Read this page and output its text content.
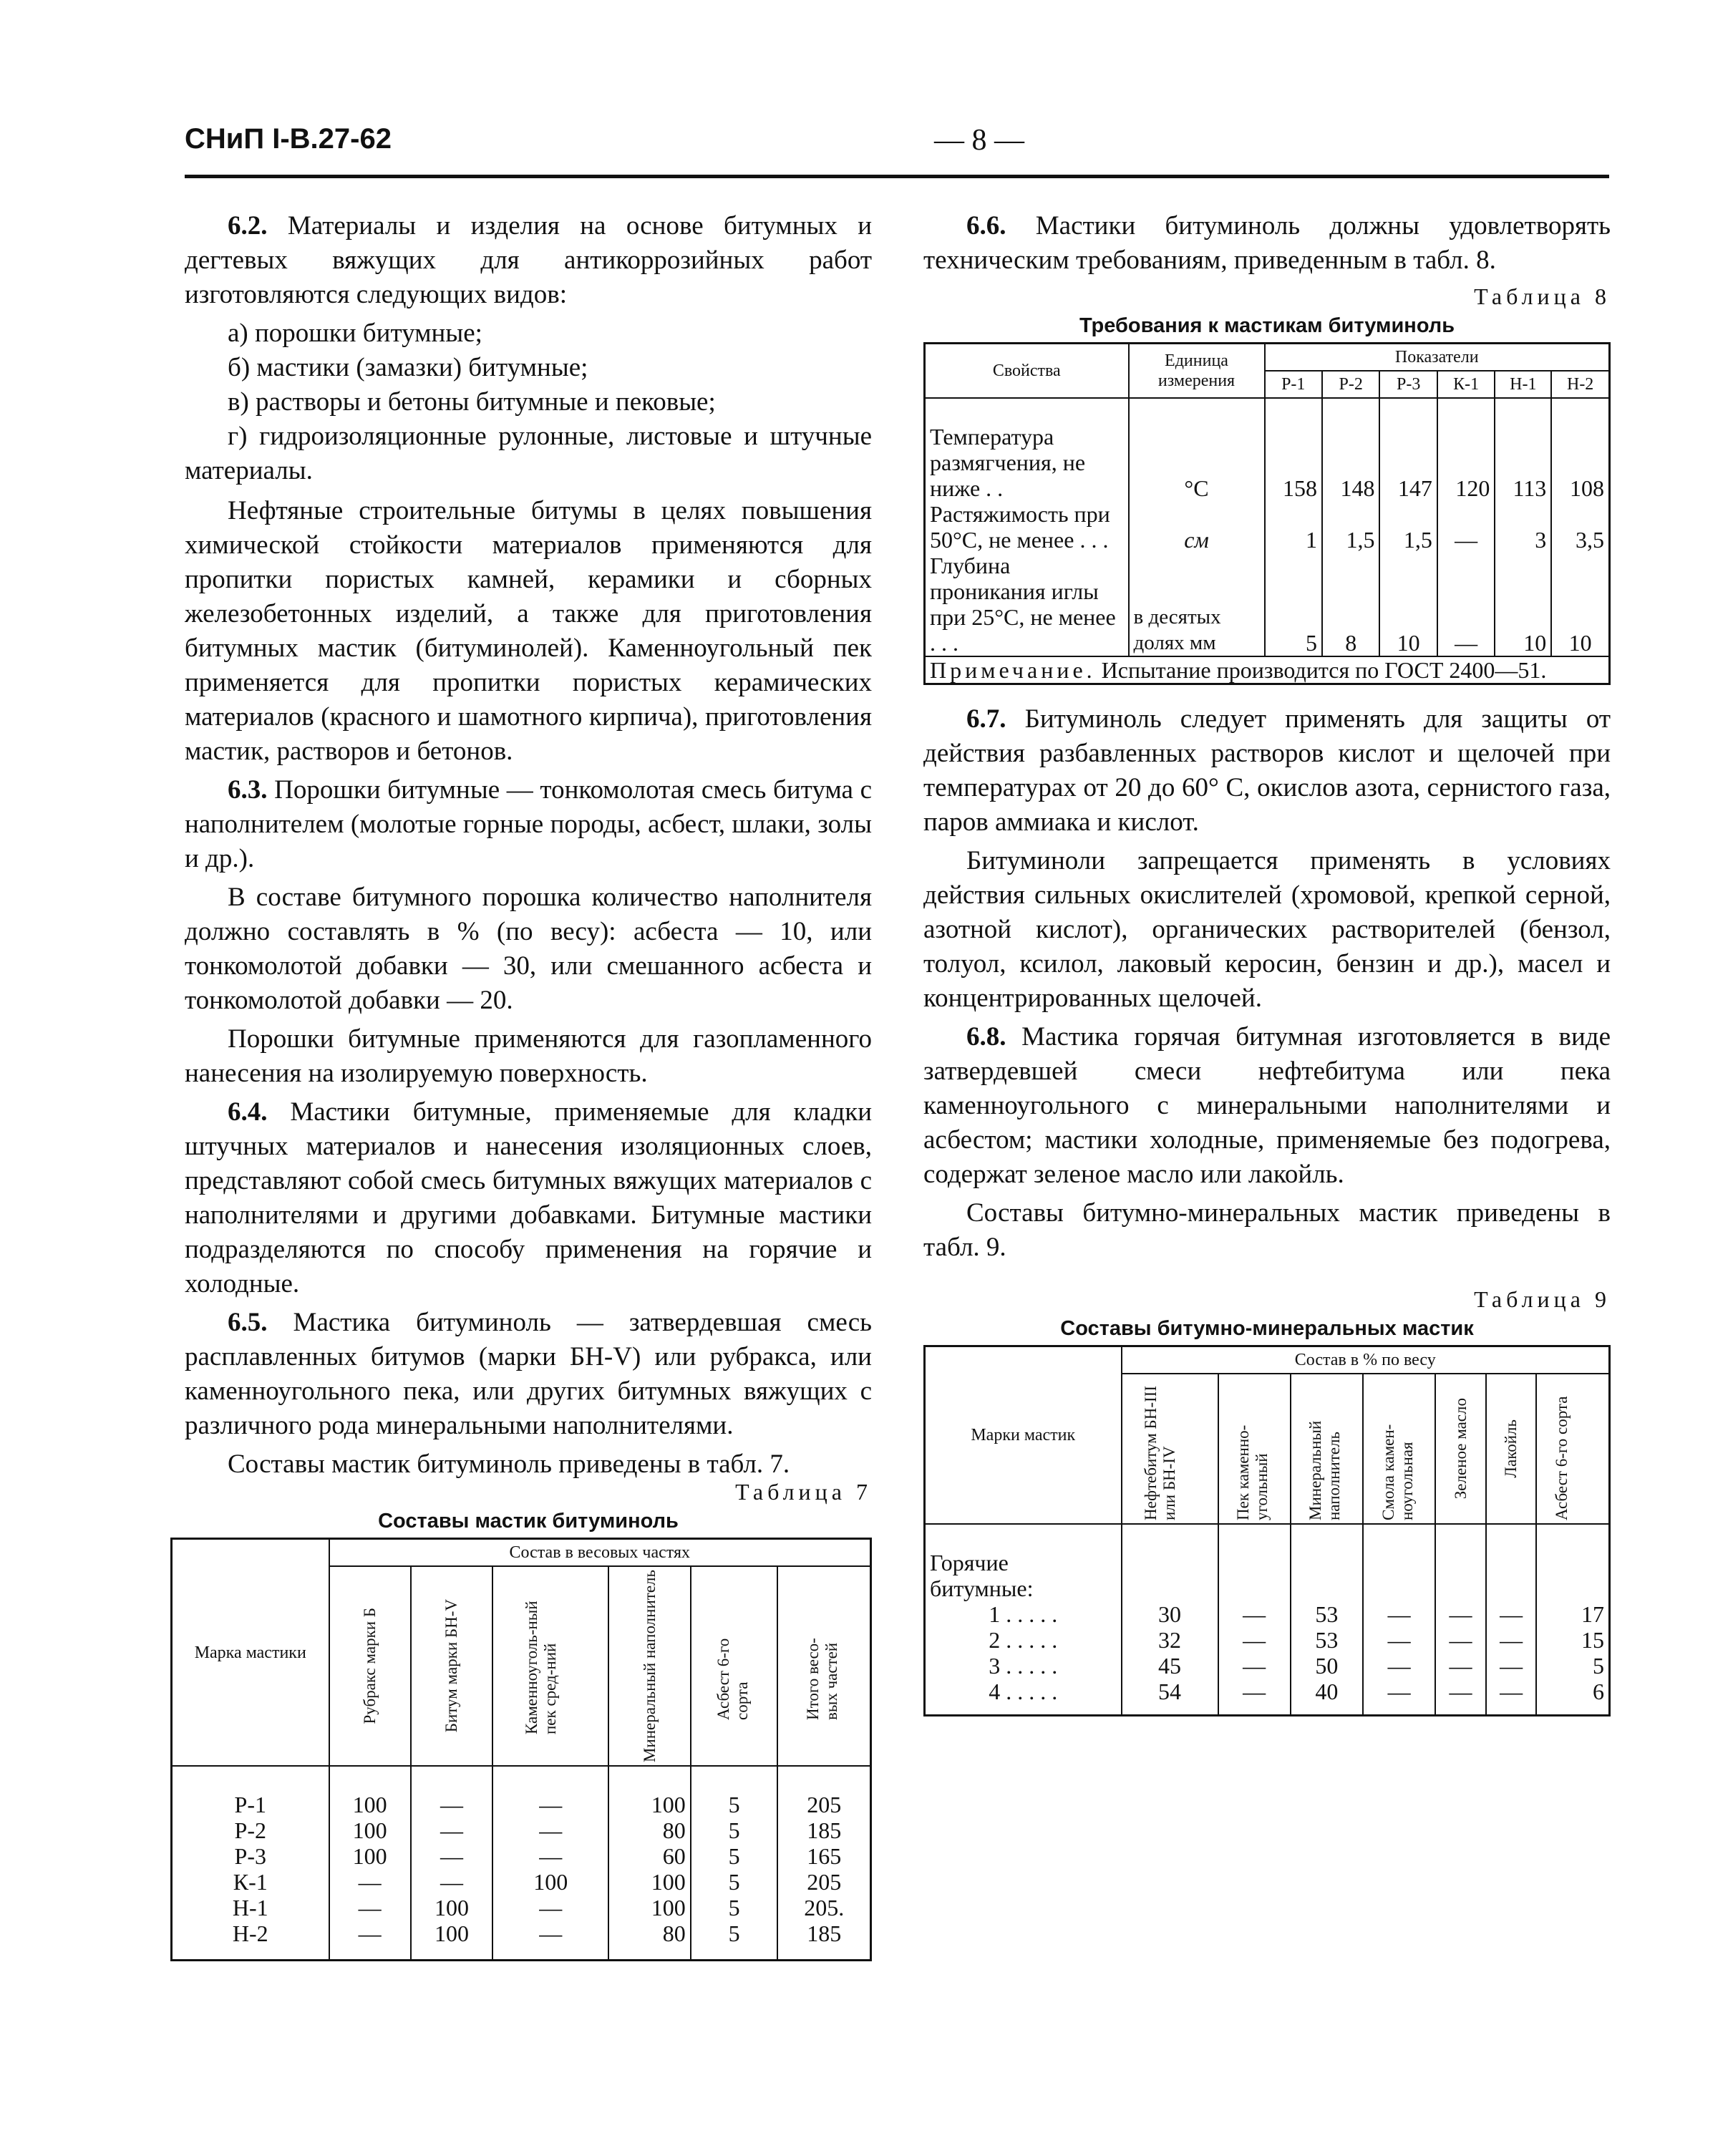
СНиП I-В.27-62	— 8 —

6.2. Материалы и изделия на основе битумных и дегтевых вяжущих для антикоррозийных работ изготовляются следующих видов:

а) порошки битумные;

б) мастики (замазки) битумные;

в) растворы и бетоны битумные и пековые;

г) гидроизоляционные рулонные, листовые и штучные материалы.

Нефтяные строительные битумы в целях повышения химической стойкости материалов применяются для пропитки пористых камней, керамики и сборных железобетонных изделий, а также для приготовления битумных мастик (битуминолей). Каменноугольный пек применяется для пропитки пористых керамических материалов (красного и шамотного кирпича), приготовления мастик, растворов и бетонов.

6.3. Порошки битумные — тонкомолотая смесь битума с наполнителем (молотые горные породы, асбест, шлаки, золы и др.).

В составе битумного порошка количество наполнителя должно составлять в % (по весу): асбеста — 10, или тонкомолотой добавки — 30, или смешанного асбеста и тонкомолотой добавки — 20.

Порошки битумные применяются для газопламенного нанесения на изолируемую поверхность.

6.4. Мастики битумные, применяемые для кладки штучных материалов и нанесения изоляционных слоев, представляют собой смесь битумных вяжущих материалов с наполнителями и другими добавками. Битумные мастики подразделяются по способу применения на горячие и холодные.

6.5. Мастика битуминоль — затвердевшая смесь расплавленных битумов (марки БН-V) или рубракса, или каменноугольного пека, или других битумных вяжущих с различного рода минеральными наполнителями.

Составы мастик битуминоль приведены в табл. 7.

Таблица 7
Составы мастик битуминоль
Марка мастики	Состав в весовых частях					

	Рубракс марки Б	Битум марки БН-V	Каменноуголь-ный пек сред-ний	Минеральный наполнитель	Асбест 6-го сорта	Итого весо-вых частей

Р-1	100	—	—	100	5	205
Р-2	100	—	—	80	5	185
Р-3	100	—	—	60	5	165
К-1	—	—	100	100	5	205
Н-1	—	100	—	100	5	205.
Н-2	—	100	—	80	5	185

6.6. Мастики битуминоль должны удовлетворять техническим требованиям, приведенным в табл. 8.

Таблица 8
Требования к мастикам битуминоль
Свойства	Единица измерения	Показатели					
		Р-1	Р-2	Р-3	К-1	Н-1	Н-2

Температура размягчения, не ниже . .	°С	158	148	147	120	113	108
Растяжимость при 50°С, не менее . . .	см	1	1,5	1,5	—	3	3,5
Глубина проникания иглы при 25°С, не менее . . .	в десятых долях мм	5	8	10	—	10	10
Примечание. Испытание производится по ГОСТ 2400—51.							

6.7. Битуминоль следует применять для защиты от действия разбавленных растворов кислот и щелочей при температурах от 20 до 60° С, окислов азота, сернистого газа, паров аммиака и кислот.

Битуминоли запрещается применять в условиях действия сильных окислителей (хромовой, крепкой серной, азотной кислот), органических растворителей (бензол, толуол, ксилол, лаковый керосин, бензин и др.), масел и концентрированных щелочей.

6.8. Мастика горячая битумная изготовляется в виде затвердевшей смеси нефтебитума или пека каменноугольного с минеральными наполнителями и асбестом; мастики холодные, применяемые без подогрева, содержат зеленое масло или лакойль.

Составы битумно-минеральных мастик приведены в табл. 9.

Таблица 9
Составы битумно-минеральных мастик
Марки мастик	Состав в % по весу						

	Нефтебитум БН-III или БН-IV	Пек каменно-угольный	Минеральный наполнитель	Смола камен-ноугольная	Зеленое масло	Лакойль	Асбест 6-го сорта

Горячие битумные:							
1 . . . . .	30	—	53	—	—	—	17
2 . . . . .	32	—	53	—	—	—	15
3 . . . . .	45	—	50	—	—	—	5
4 . . . . .	54	—	40	—	—	—	6
